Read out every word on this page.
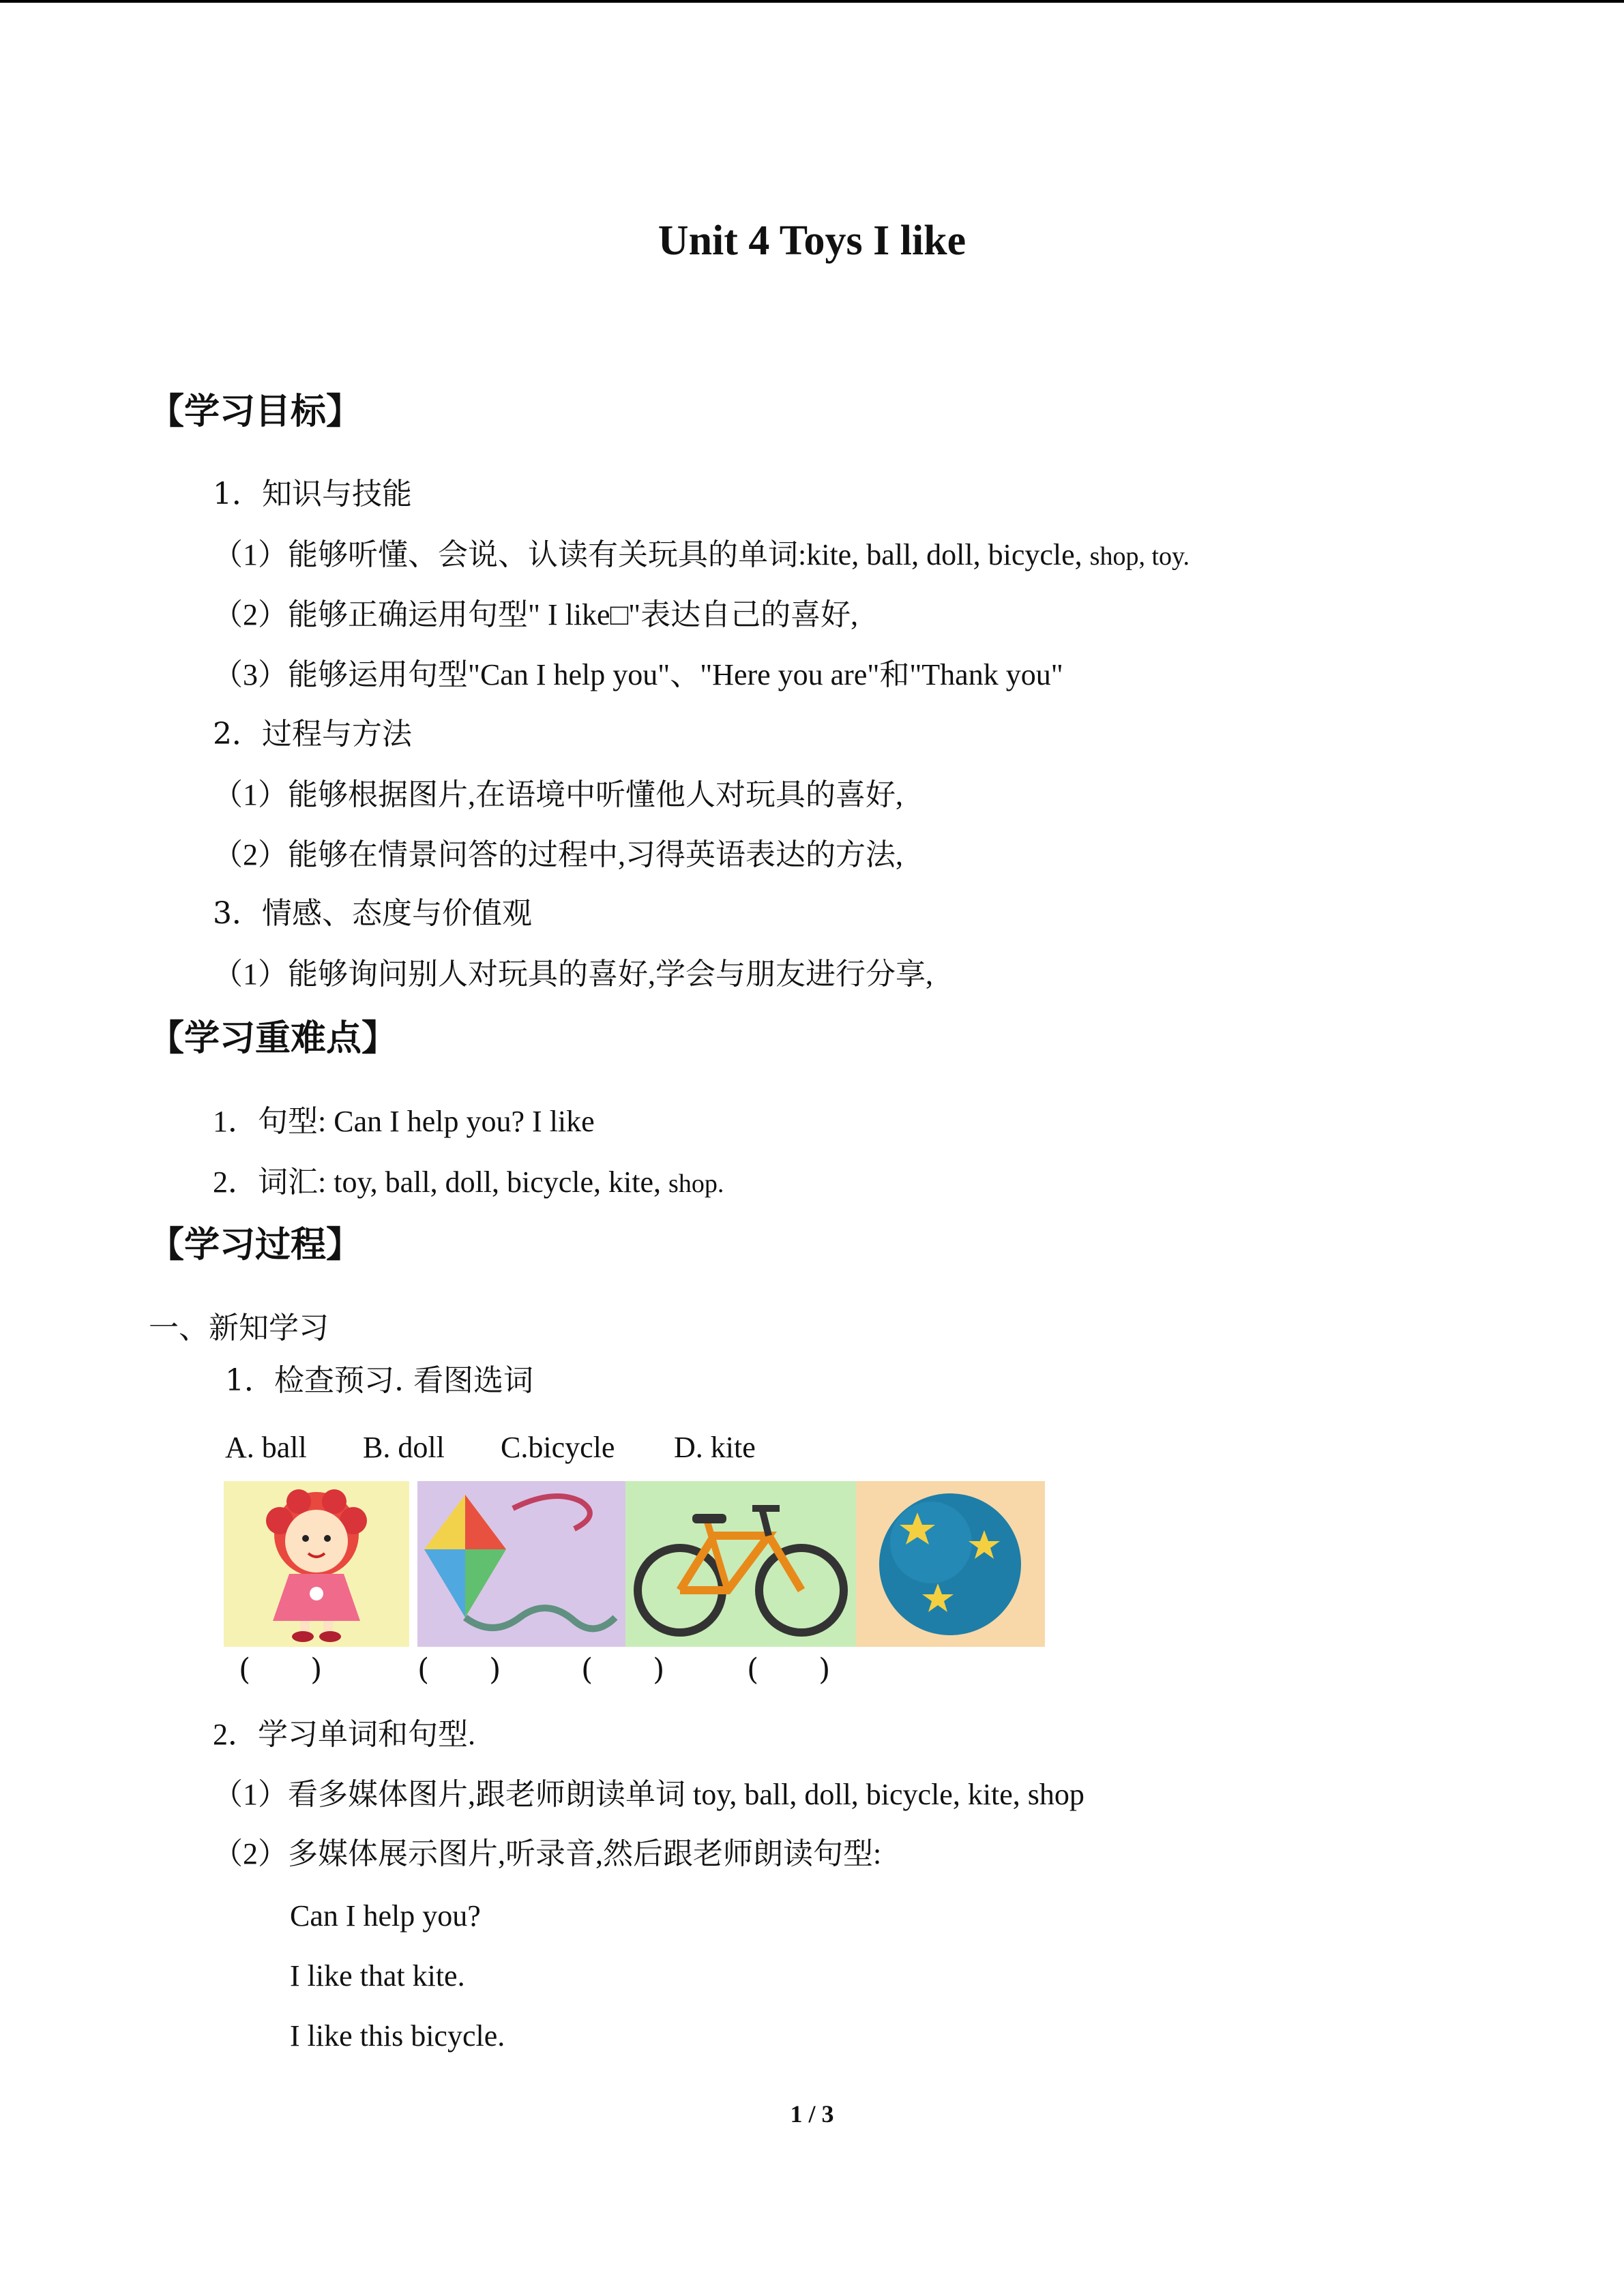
Unit 4 Toys I like
【学习目标】
1．知识与技能
（1）能够听懂、会说、认读有关玩具的单词:kite, ball, doll, bicycle, shop, toy.
（2）能够正确运用句型" I like□"表达自己的喜好,
（3）能够运用句型"Can I help you"、"Here you are"和"Thank you"
2．过程与方法
（1）能够根据图片,在语境中听懂他人对玩具的喜好,
（2）能够在情景问答的过程中,习得英语表达的方法,
3．情感、态度与价值观
（1）能够询问别人对玩具的喜好,学会与朋友进行分享,
【学习重难点】
1．句型: Can I help you? I like
2．词汇: toy, ball, doll, bicycle, kite, shop.
【学习过程】
一、新知学习
1．检查预习. 看图选词
A. ball B. doll C.bicycle D. kite
(　　)	(　　)	(　　)	(　　)
2．学习单词和句型.
（1）看多媒体图片,跟老师朗读单词 toy, ball, doll, bicycle, kite, shop
（2）多媒体展示图片,听录音,然后跟老师朗读句型:
Can I help you?
I like that kite.
I like this bicycle.
1 / 3
